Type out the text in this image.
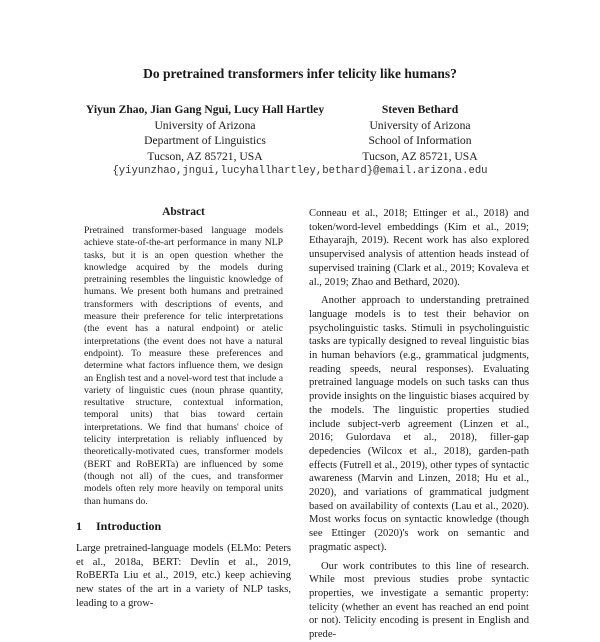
Do pretrained transformers infer telicity like humans?
Yiyun Zhao, Jian Gang Ngui, Lucy Hall Hartley
University of Arizona
Department of Linguistics
Tucson, AZ 85721, USA
Steven Bethard
University of Arizona
School of Information
Tucson, AZ 85721, USA
{yiyunzhao,jngui,lucyhallhartley,bethard}@email.arizona.edu
Abstract
Pretrained transformer-based language models achieve state-of-the-art performance in many NLP tasks, but it is an open question whether the knowledge acquired by the models during pretraining resembles the linguistic knowledge of humans. We present both humans and pretrained transformers with descriptions of events, and measure their preference for telic interpretations (the event has a natural endpoint) or atelic interpretations (the event does not have a natural endpoint). To measure these preferences and determine what factors influence them, we design an English test and a novel-word test that include a variety of linguistic cues (noun phrase quantity, resultative structure, contextual information, temporal units) that bias toward certain interpretations. We find that humans' choice of telicity interpretation is reliably influenced by theoretically-motivated cues, transformer models (BERT and RoBERTa) are influenced by some (though not all) of the cues, and transformer models often rely more heavily on temporal units than humans do.
1 Introduction

Large pretrained-language models (ELMo: Peters et al., 2018a, BERT: Devlin et al., 2019, RoBERTa Liu et al., 2019, etc.) keep achieving new states of the art in a variety of NLP tasks, leading to a grow-

Conneau et al., 2018; Ettinger et al., 2018) and token/word-level embeddings (Kim et al., 2019; Ethayarajh, 2019). Recent work has also explored unsupervised analysis of attention heads instead of supervised training (Clark et al., 2019; Kovaleva et al., 2019; Zhao and Bethard, 2020).

Another approach to understanding pretrained language models is to test their behavior on psycholinguistic tasks. Stimuli in psycholinguistic tasks are typically designed to reveal linguistic bias in human behaviors (e.g., grammatical judgments, reading speeds, neural responses). Evaluating pretrained language models on such tasks can thus provide insights on the linguistic biases acquired by the models. The linguistic properties studied include subject-verb agreement (Linzen et al., 2016; Gulordava et al., 2018), filler-gap depedencies (Wilcox et al., 2018), garden-path effects (Futrell et al., 2019), other types of syntactic awareness (Marvin and Linzen, 2018; Hu et al., 2020), and variations of grammatical judgment based on availability of contexts (Lau et al., 2020). Most works focus on syntactic knowledge (though see Ettinger (2020)'s work on semantic and pragmatic aspect).

Our work contributes to this line of research. While most previous studies probe syntactic properties, we investigate a semantic property: telicity (whether an event has reached an end point or not). Telicity encoding is present in English and prede-
